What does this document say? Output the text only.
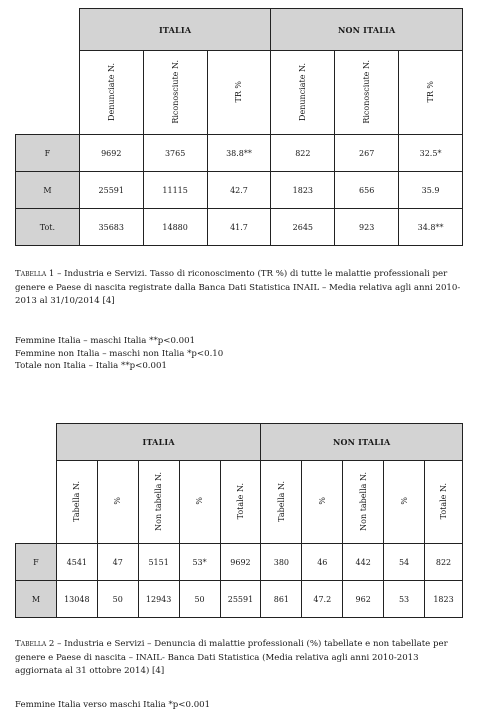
	ITALIA			NON ITALIA		
	Denunciate N.	Riconosciute N.	TR %	Denunciate N.	Riconosciute N.	TR %
F	9692	3765	38.8**	822	267	32.5*
M	25591	11115	42.7	1823	656	35.9
Tot.	35683	14880	41.7	2645	923	34.8**
Tabella 1 – Industria e Servizi. Tasso di riconoscimento (TR %) di tutte le malattie professionali per genere e Paese di nascita registrate dalla Banca Dati Statistica INAIL – Media relativa agli anni 2010-2013 al 31/10/2014 [4]
Femmine Italia – maschi Italia **p<0.001
Femmine non Italia – maschi non Italia *p<0.10
Totale non Italia – Italia **p<0.001
	ITALIA					NON ITALIA				
	Tabella N.	%	Non tabella N.	%	Totale N.	Tabella N.	%	Non tabella N.	%	Totale N.
F	4541	47	5151	53*	9692	380	46	442	54	822
M	13048	50	12943	50	25591	861	47.2	962	53	1823
Tabella 2 – Industria e Servizi – Denuncia di malattie professionali (%) tabellate e non tabellate per genere e Paese di nascita – INAIL- Banca Dati Statistica (Media relativa agli anni 2010-2013 aggiornata al 31 ottobre 2014) [4]
Femmine Italia verso maschi Italia *p<0.001
